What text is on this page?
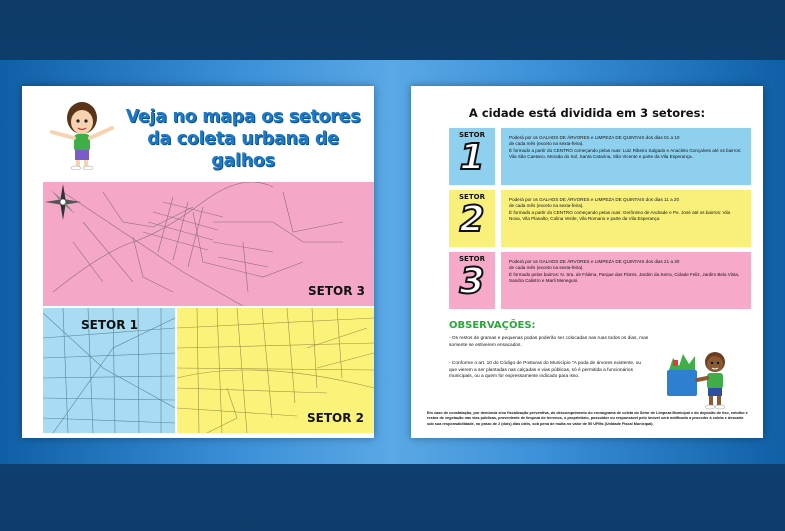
Veja no mapa os setores
da coleta urbana de galhos
SETOR 3
SETOR 1
SETOR 2
A cidade está dividida em 3 setores:
SETOR
1	Poderá por os GALHOS DE ÁRVORES e LIMPEZA DE QUINTAIS dos dias 01 a 10
de cada mês (exceto na sexta-feira).
É formado a partir do CENTRO começando pelas ruas: Luiz Ribeiro Salgado e Anacleto Gonçalves até os bairros: Vila São Caetano, Morada do Sol, Santa Catarina, São Vicente e parte da Vila Esperança.
SETOR
2	Poderá por os GALHOS DE ÁRVORES e LIMPEZA DE QUINTAIS dos dias 11 a 20
de cada mês (exceto na sexta-feira).
É formado a partir do CENTRO começando pelas ruas: Gerônimo de Andrade e Pe. José até os bairros: Vila Nova, Vila Planalto, Colina Verde, Vila Romano e parte da Vila Esperança
SETOR
3	Poderá por os GALHOS DE ÁRVORES e LIMPEZA DE QUINTAIS dos dias 21 a 30
de cada mês (exceto na sexta-feira).
É formado pelos bairros: N. Sra. de Fátima, Parque das Flores, Jardim da Serra, Cidade Feliz, Jardim Bela Vista, Sandra Calistro e Marli Meneguni.
OBSERVAÇÕES:
- Os restos de gramas e pequenas podas poderão ser colocadas nas ruas todos os dias, mas somente se estiverem ensacados.
- Conforme o art. 10 do Código de Posturas do Município "A poda de árvores existente, ou que vierem a ser plantadas nas calçadas e vias públicas, só é permitida a funcionários municipais, ou a quem for expressamente indicado para isso.
Em caso de constatação, por denúncia e/ou fiscalização preventiva, do descumprimento do cronograma de coleta do Setor de Limpeza Municipal e do depósito de lixo, entulho e restos de vegetação nas vias públicas, proveniente de limpeza de terrenos, o proprietário, possuidor ou responsável pelo imóvel será notificado a proceder à coleta e descarte sob sua responsabilidade, no prazo de 2 (dois) dias úteis, sob pena de multa no valor de 50 UFMs (Unidade Fiscal Municipal).
